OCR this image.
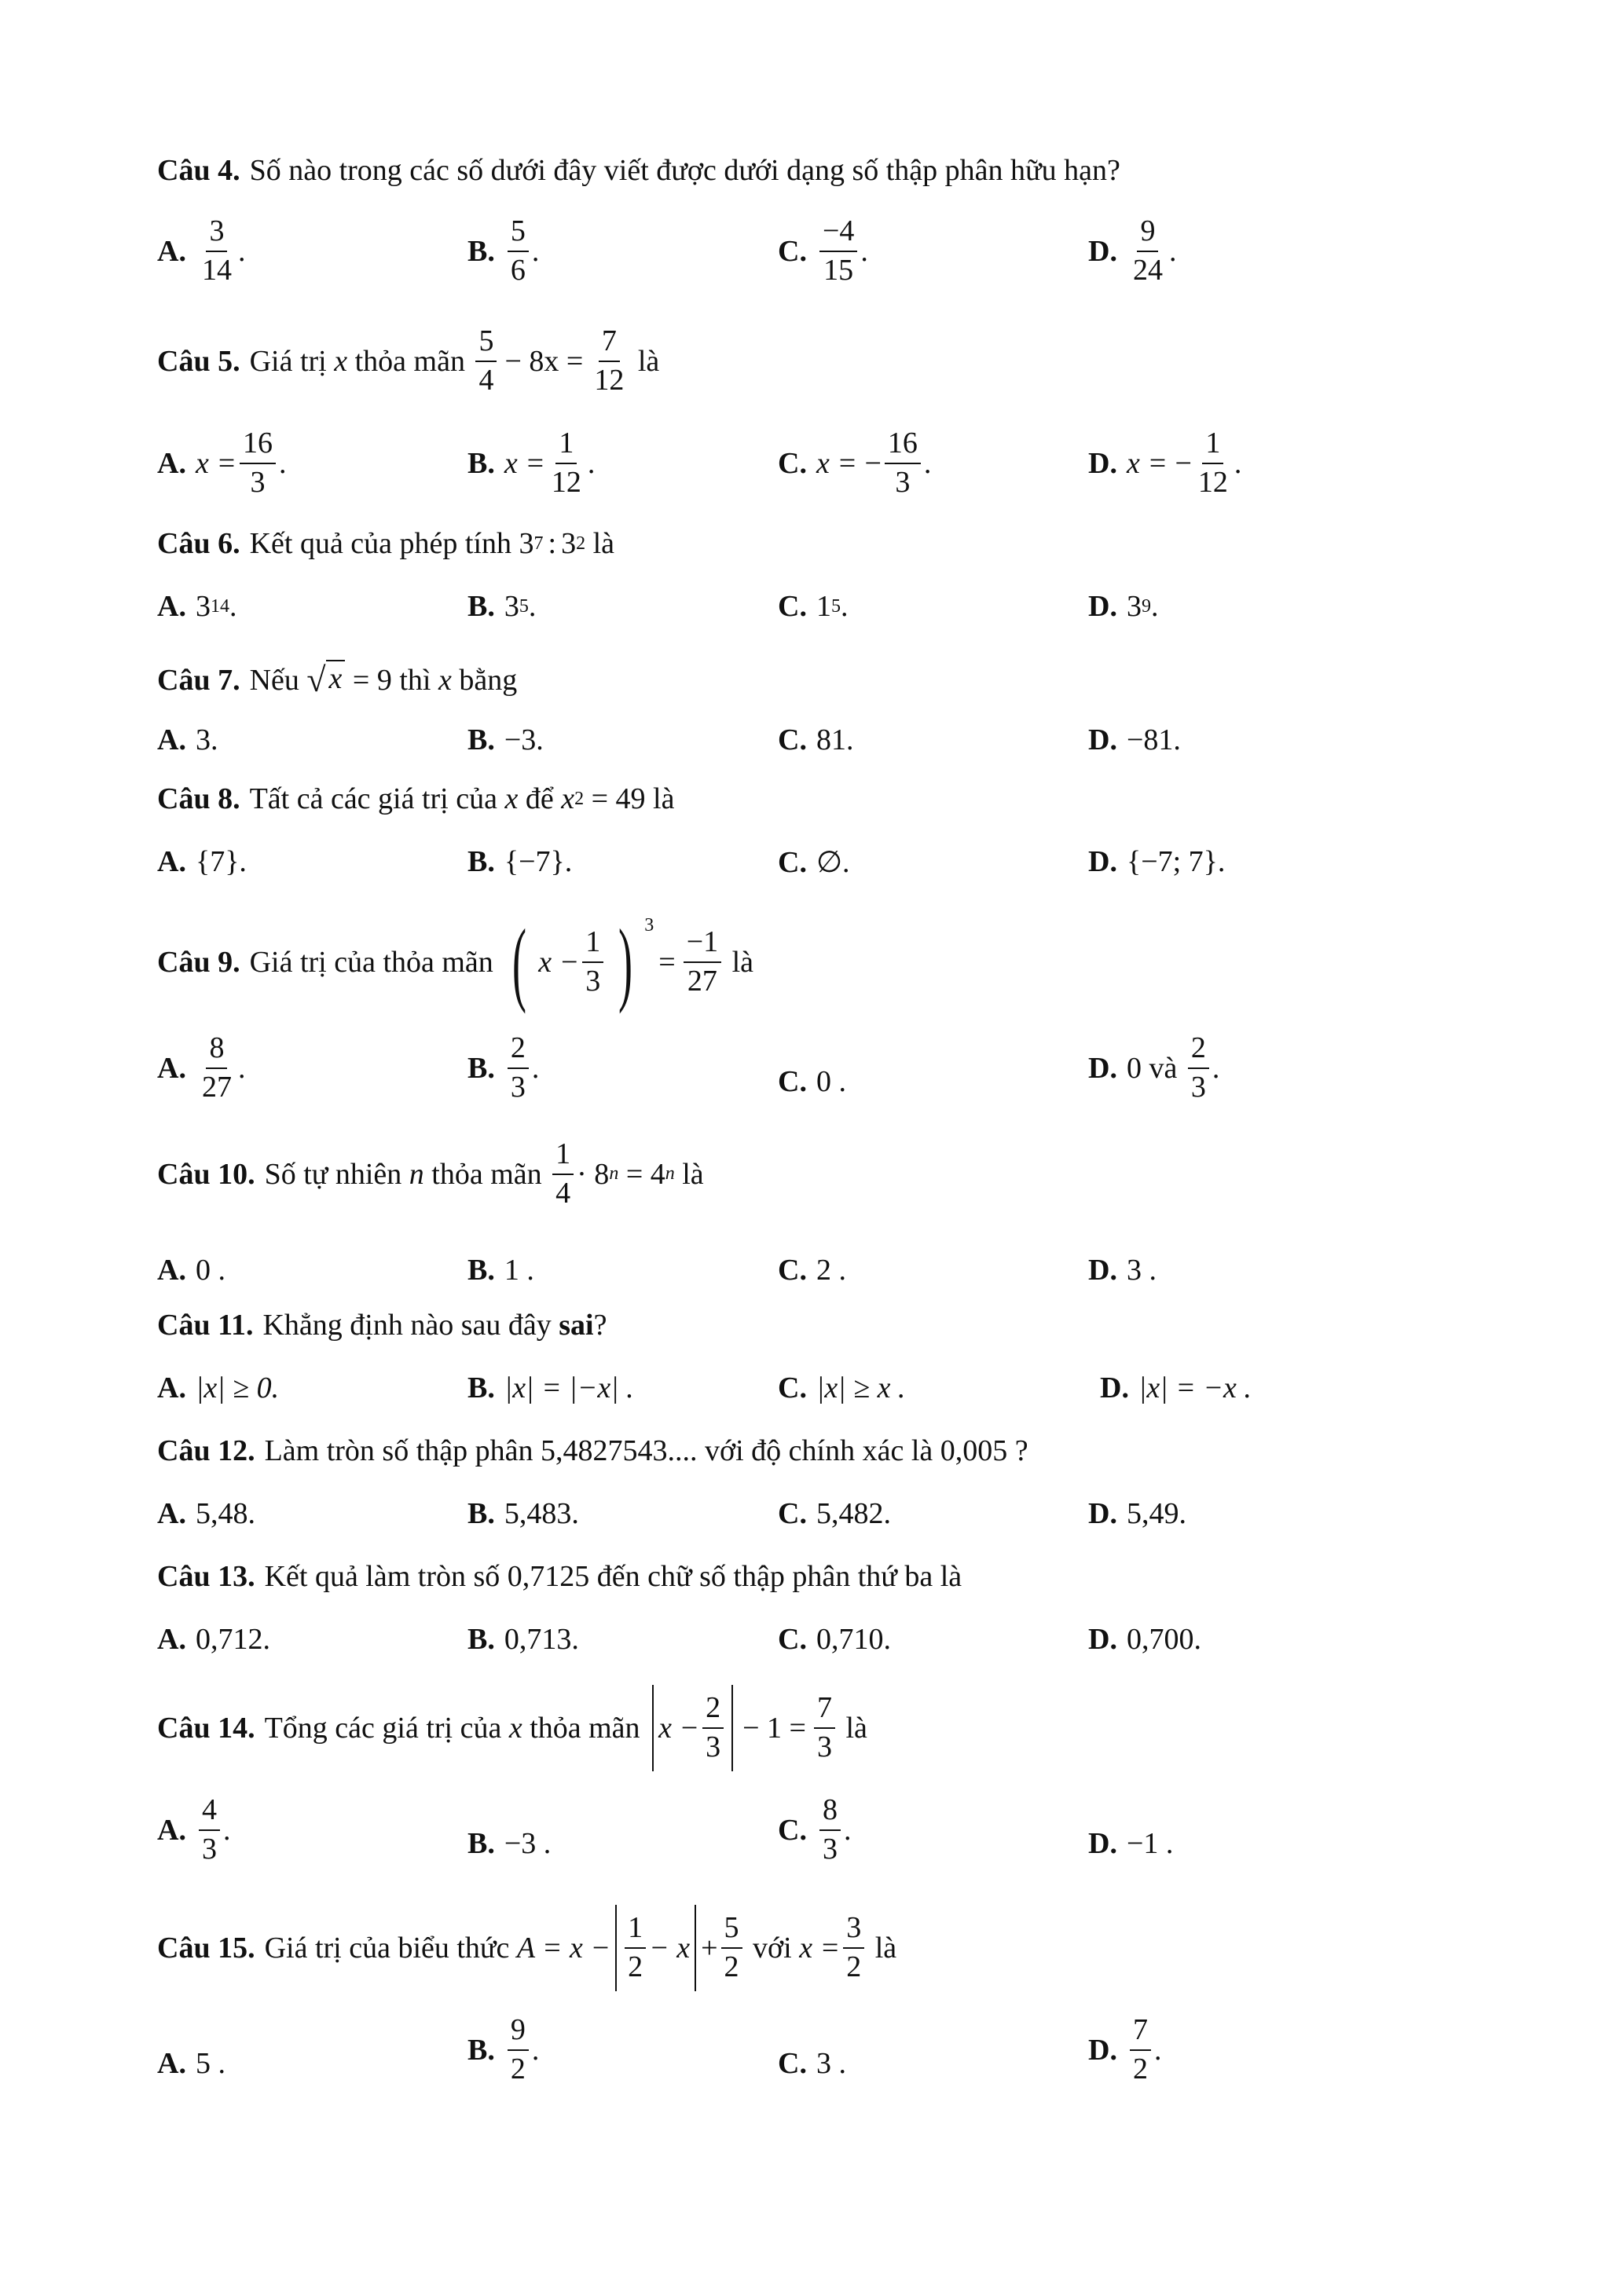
Câu 4. Số nào trong các số dưới đây viết được dưới dạng số thập phân hữu hạn?
A. $\frac{3}{14}$ .	B. $\frac{5}{6}$ .	C. $\frac{-4}{15}$ .	D. $\frac{9}{24}$ .
Câu 5. Giá trị
x
thỏa mãn
$\frac{5}{4} - 8x = \frac{7}{12}$
là
A. $x = \frac{16}{3}$ .	B. $x = \frac{1}{12}$ .	C. x =
− $\frac{16}{3}$ .	D. x =
− $\frac{1}{12}$ .
Câu 6. Kết quả của phép tính
3 7 : 3 2
là
A. 3 14 .	B. 3 5 .	C. 1 5 .	D. 3 9 .
Câu 7. Nếu
√ x
= 9
thì
x
bằng
A. 3.	B. −3.	C. 81.	D. −81.
Câu 8. Tất cả các giá trị của
x
để
x 2
= 49
là
A. {7}.	B. {−7}.	C. ∅.	D. {−7; 7}.
Câu 9. Giá trị của thỏa mãn
( $x - \frac{1}{3}$ ) $^3$
= $\frac{-1}{27}$
là
A. $\frac{8}{27}$ .	B. $\frac{2}{3}$ .	C. 0 .	D. 0 và
$\frac{2}{3}$ .
Câu 10. Số tự nhiên
n
thỏa mãn
$\frac{1}{4} \cdot 8$ n
= 4 n
là
A. 0 .	B. 1 .	C. 2 .	D. 3 .
Câu 11. Khẳng định nào sau đây
sai ?
A. |x| ≥ 0.	B. |x| = |−x| .	C. |x| ≥ x .	D. |x| = −x .
Câu 12. Làm tròn số thập phân 5,4827543.... với độ chính xác là 0,005 ?
A. 5,48.	B. 5,483.	C. 5,482.	D. 5,49.
Câu 13. Kết quả làm tròn số 0,7125 đến chữ số thập phân thứ ba là
A. 0,712.	B. 0,713.	C. 0,710.	D. 0,700.
Câu 14. Tổng các giá trị của
x
thỏa mãn
$x - \frac{2}{3} - 1 = \frac{7}{3}$
là
A. $\frac{4}{3}$ .	B. −3 .	C. $\frac{8}{3}$ .	D. −1 .
Câu 15. Giá trị của biểu thức
$A = x - \frac{1}{2} - x + \frac{5}{2}$
với
$x = \frac{3}{2}$
là
A. 5 .	B. $\frac{9}{2}$ .	C. 3 .	D. $\frac{7}{2}$ .
